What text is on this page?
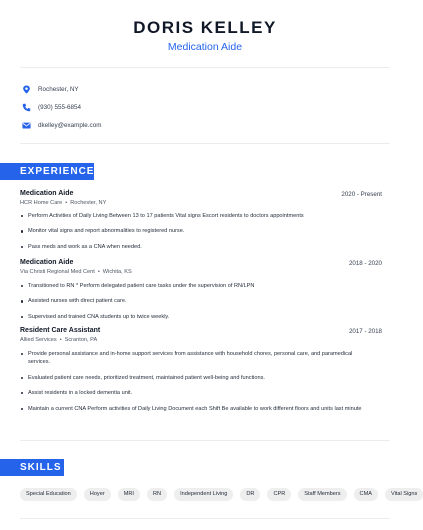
DORIS KELLEY
Medication Aide
Rochester, NY
(930) 555-6854
dkelley@example.com
EXPERIENCE
Medication Aide	2020 - Present
HCR Home Care • Rochester, NY
Perform Activities of Daily Living Between 13 to 17 patients Vital signs Escort residents to doctors appointments
Monitor vital signs and report abnormalities to registered nurse.
Pass meds and work as a CNA when needed.
Medication Aide	2018 - 2020
Via Christi Regional Med Cent • Wichita, KS
Transitioned to RN * Perform delegated patient care tasks under the supervision of RN/LPN
Assisted nurses with direct patient care.
Supervised and trained CNA students up to twice weekly.
Resident Care Assistant	2017 - 2018
Allied Services • Scranton, PA
Provide personal assistance and in-home support services from assistance with household chores, personal care, and paramedical services.
Evaluated patient care needs, prioritized treatment, maintained patient well-being and functions.
Assist residents in a locked dementia unit.
Maintain a current CNA Perform activities of Daily Living Document each Shift Be available to work different floors and units last minute
SKILLS
Special Education	Hoyer	MRI	RN	Independent Living	DR	CPR	Staff Members	CMA	Vital Signs
